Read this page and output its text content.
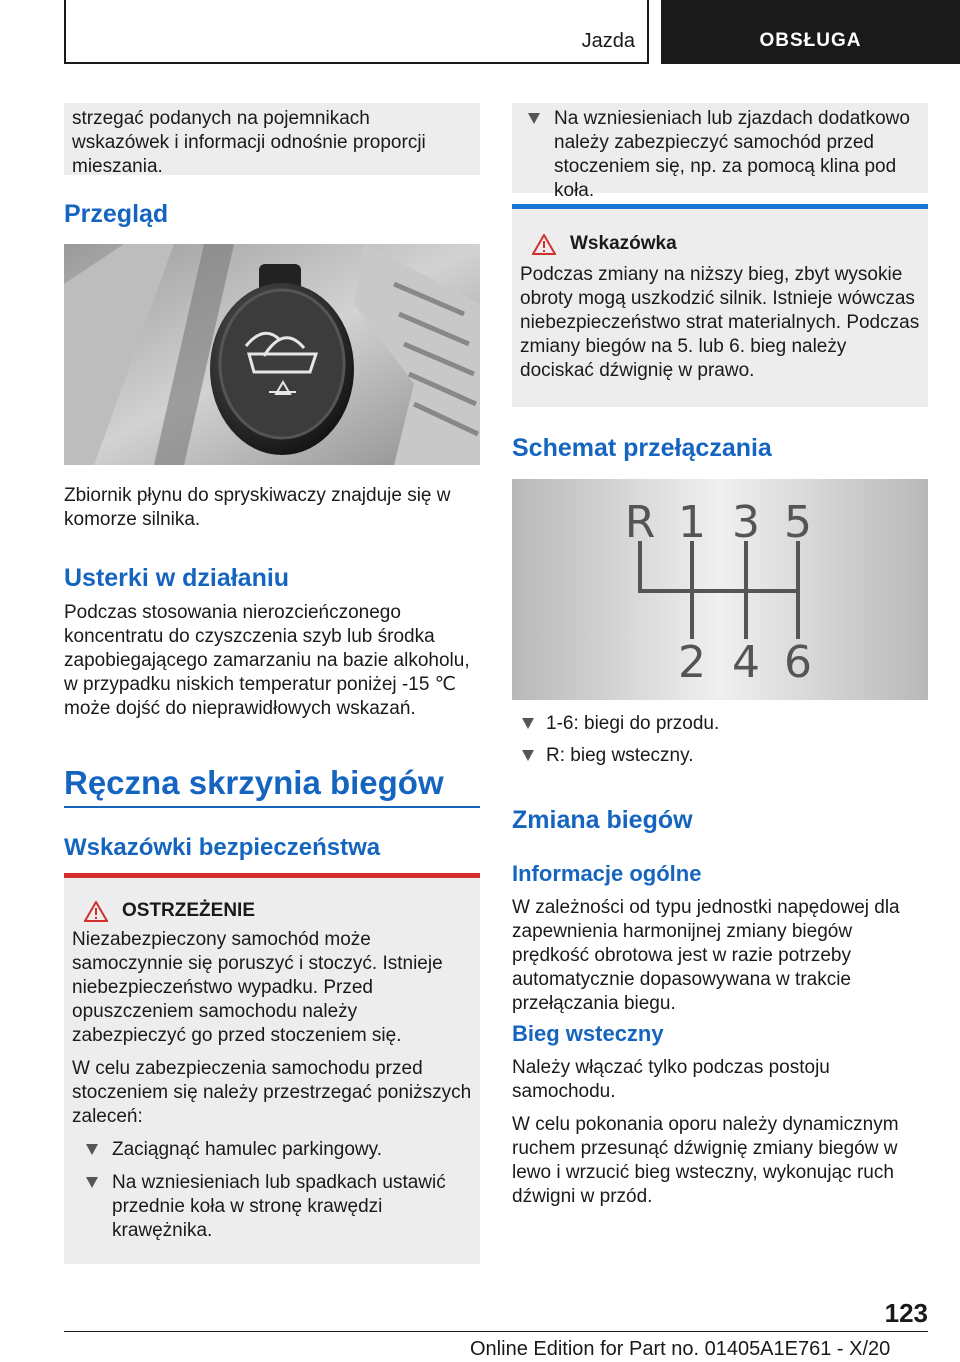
Jazda	OBSŁUGA

strzegać podanych na pojemnikach wskazówek i informacji odnośnie proporcji mieszania.

Przegląd

Zbiornik płynu do spryskiwaczy znajduje się w komorze silnika.

Usterki w działaniu

Podczas stosowania nierozcieńczonego koncentratu do czyszczenia szyb lub środka zapobiegającego zamarzaniu na bazie alkoholu, w przypadku niskich temperatur poniżej -15 ℃ może dojść do nieprawidłowych wskazań.

Ręczna skrzynia biegów
Wskazówki bezpieczeństwa
OSTRZEŻENIE

Niezabezpieczony samochód może samoczynnie się poruszyć i stoczyć. Istnieje niebezpieczeństwo wypadku. Przed opuszczeniem samochodu należy zabezpieczyć go przed stoczeniem się.

W celu zabezpieczenia samochodu przed stoczeniem się należy przestrzegać poniższych zaleceń:

Zaciągnąć hamulec parkingowy.
Na wzniesieniach lub spadkach ustawić przednie koła w stronę krawędzi krawężnika.
Na wzniesieniach lub zjazdach dodatkowo należy zabezpieczyć samochód przed stoczeniem się, np. za pomocą klina pod koła.
Wskazówka

Podczas zmiany na niższy bieg, zbyt wysokie obroty mogą uszkodzić silnik. Istnieje wówczas niebezpieczeństwo strat materialnych. Podczas zmiany biegów na 5. lub 6. bieg należy dociskać dźwignię w prawo.

Schemat przełączania
R 1 3 5
2 4 6
1-6: biegi do przodu.
R: bieg wsteczny.
Zmiana biegów
Informacje ogólne

W zależności od typu jednostki napędowej dla zapewnienia harmonijnej zmiany biegów prędkość obrotowa jest w razie potrzeby automatycznie dopasowywana w trakcie przełączania biegu.

Bieg wsteczny

Należy włączać tylko podczas postoju samochodu.

W celu pokonania oporu należy dynamicznym ruchem przesunąć dźwignię zmiany biegów w lewo i wrzucić bieg wsteczny, wykonując ruch dźwigni w przód.

123
Online Edition for Part no. 01405A1E761 - X/20
